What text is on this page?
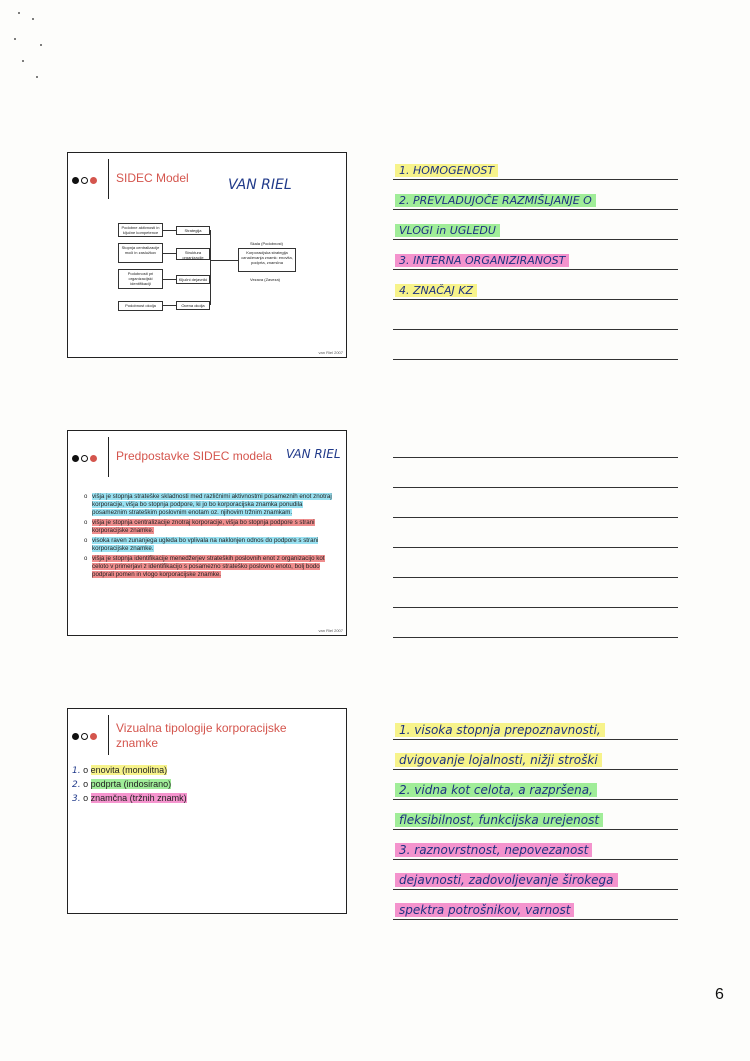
SIDEC Model	VAN RIEL
Podobne aktivnosti in ključne kompetence
Stopnja centralizacije moči in zaslužkov
Podobnosti pri organizacijski identifikaciji
Podobnost okolja
Strategija
Struktura organizacije
Ključni dejavniki
Ocena okolja
Korporacijska strategija označevanja znamk: enovita, podprta, znamčna
Skala (Podobnost)
Vezava (Zaveza)
van Riel 2007
1. HOMOGENOST
2. PREVLADUJOČE RAZMIŠLJANJE O
VLOGI in UGLEDU
3. INTERNA ORGANIZIRANOST
4. ZNAČAJ KZ
Predpostavke SIDEC modela VAN RIEL
o višja je stopnja strateške skladnosti med različnimi aktivnostmi posameznih enot znotraj korporacije, višja bo stopnja podpore, ki jo bo korporacijska znamka ponudila posameznim strateškim poslovnim enotam oz. njihovim tržnim znamkam.
o višja je stopnja centralizacije znotraj korporacije, višja bo stopnja podpore s strani korporacijske znamke.
o visoka raven zunanjega ugleda bo vplivala na naklonjen odnos do podpore s strani korporacijske znamke.
o višja je stopnja identifikacije menedžerjev strateških poslovnih enot z organizacijo kot celoto v primerjavi z identifikacijo s posamezno strateško poslovno enoto, bolj bodo podprali pomen in vlogo korporacijske znamke.
van Riel 2007
Vizualna tipologije korporacijske znamke
1. o enovita (monolitna)
2. o podprta (indosirano)
3. o znamčna (tržnih znamk)
1. visoka stopnja prepoznavnosti,
dvigovanje lojalnosti, nižji stroški
2. vidna kot celota, a razpršena,
fleksibilnost, funkcijska urejenost
3. raznovrstnost, nepovezanost
dejavnosti, zadovoljevanje širokega
spektra potrošnikov, varnost
6
